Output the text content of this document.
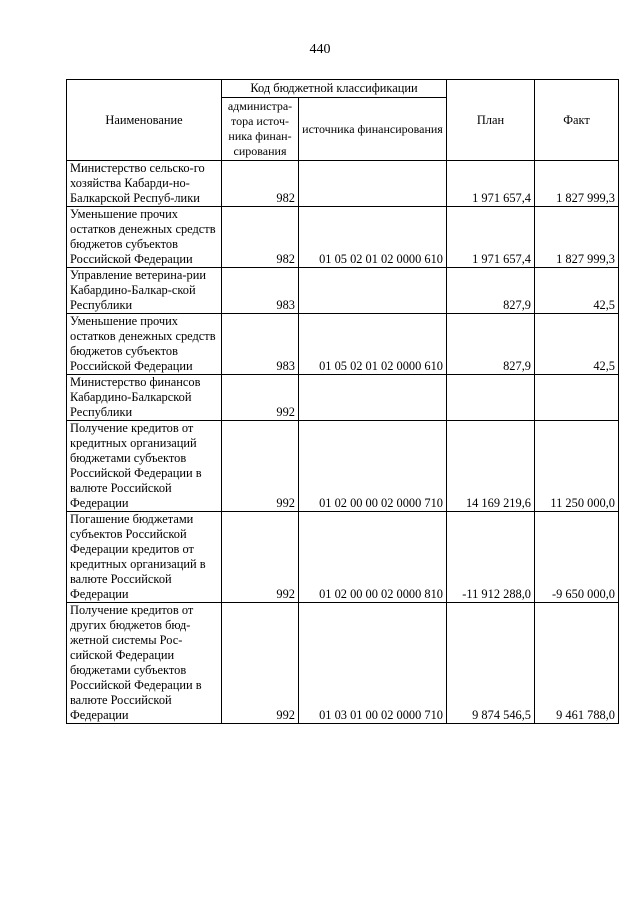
440
Наименование	Код бюджетной классификации		План	Факт
	администра-тора источ-ника финан-сирования	источника финансирования		
Министерство сельско-го хозяйства Кабарди-но-Балкарской Респуб-лики	982		1 971 657,4	1 827 999,3
Уменьшение прочих остатков денежных средств бюджетов субъектов Российской Федерации	982	01 05 02 01 02 0000 610	1 971 657,4	1 827 999,3
Управление ветерина-рии Кабардино-Балкар-ской Республики	983		827,9	42,5
Уменьшение прочих остатков денежных средств бюджетов субъектов Российской Федерации	983	01 05 02 01 02 0000 610	827,9	42,5
Министерство финансов Кабардино-Балкарской Республики	992			
Получение кредитов от кредитных организаций бюджетами субъектов Российской Федерации в валюте Российской Федерации	992	01 02 00 00 02 0000 710	14 169 219,6	11 250 000,0
Погашение бюджетами субъектов Российской Федерации кредитов от кредитных организаций в валюте Российской Федерации	992	01 02 00 00 02 0000 810	-11 912 288,0	-9 650 000,0
Получение кредитов от других бюджетов бюд-жетной системы Рос-сийской Федерации бюджетами субъектов Российской Федерации в валюте Российской Федерации	992	01 03 01 00 02 0000 710	9 874 546,5	9 461 788,0
